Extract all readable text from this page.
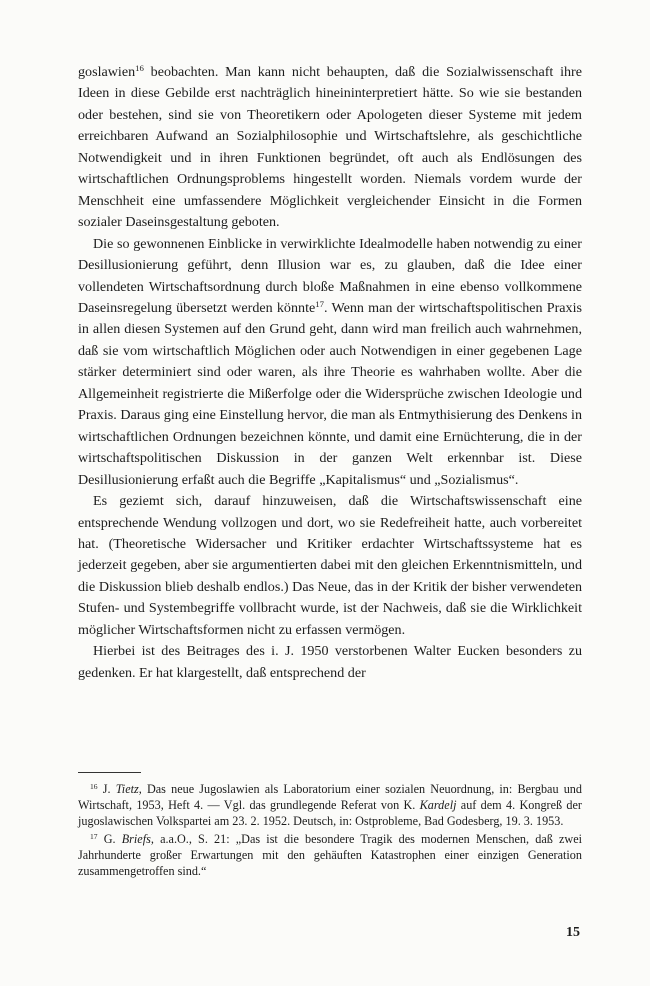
goslawien$^{16}$ beobachten. Man kann nicht behaupten, daß die Sozialwissenschaft ihre Ideen in diese Gebilde erst nachträglich hineininterpretiert hätte. So wie sie bestanden oder bestehen, sind sie von Theoretikern oder Apologeten dieser Systeme mit jedem erreichbaren Aufwand an Sozialphilosophie und Wirtschaftslehre, als geschichtliche Notwendigkeit und in ihren Funktionen begründet, oft auch als Endlösungen des wirtschaftlichen Ordnungsproblems hingestellt worden. Niemals vordem wurde der Menschheit eine umfassendere Möglichkeit vergleichender Einsicht in die Formen sozialer Daseinsgestaltung geboten.

Die so gewonnenen Einblicke in verwirklichte Idealmodelle haben notwendig zu einer Desillusionierung geführt, denn Illusion war es, zu glauben, daß die Idee einer vollendeten Wirtschaftsordnung durch bloße Maßnahmen in eine ebenso vollkommene Daseinsregelung übersetzt werden könnte$^{17}$. Wenn man der wirtschaftspolitischen Praxis in allen diesen Systemen auf den Grund geht, dann wird man freilich auch wahrnehmen, daß sie vom wirtschaftlich Möglichen oder auch Notwendigen in einer gegebenen Lage stärker determiniert sind oder waren, als ihre Theorie es wahrhaben wollte. Aber die Allgemeinheit registrierte die Mißerfolge oder die Widersprüche zwischen Ideologie und Praxis. Daraus ging eine Einstellung hervor, die man als Entmythisierung des Denkens in wirtschaftlichen Ordnungen bezeichnen könnte, und damit eine Ernüchterung, die in der wirtschaftspolitischen Diskussion in der ganzen Welt erkennbar ist. Diese Desillusionierung erfaßt auch die Begriffe „Kapitalismus“ und „Sozialismus“.

Es geziemt sich, darauf hinzuweisen, daß die Wirtschaftswissenschaft eine entsprechende Wendung vollzogen und dort, wo sie Redefreiheit hatte, auch vorbereitet hat. (Theoretische Widersacher und Kritiker erdachter Wirtschaftssysteme hat es jederzeit gegeben, aber sie argumentierten dabei mit den gleichen Erkenntnismitteln, und die Diskussion blieb deshalb endlos.) Das Neue, das in der Kritik der bisher verwendeten Stufen- und Systembegriffe vollbracht wurde, ist der Nachweis, daß sie die Wirklichkeit möglicher Wirtschaftsformen nicht zu erfassen vermögen.

Hierbei ist des Beitrages des i. J. 1950 verstorbenen Walter Eucken besonders zu gedenken. Er hat klargestellt, daß entsprechend der

$^{16}$ J. Tietz, Das neue Jugoslawien als Laboratorium einer sozialen Neuordnung, in: Bergbau und Wirtschaft, 1953, Heft 4. — Vgl. das grundlegende Referat von K. Kardelj auf dem 4. Kongreß der jugoslawischen Volkspartei am 23. 2. 1952. Deutsch, in: Ostprobleme, Bad Godesberg, 19. 3. 1953.

$^{17}$ G. Briefs, a.a.O., S. 21: „Das ist die besondere Tragik des modernen Menschen, daß zwei Jahrhunderte großer Erwartungen mit den gehäuften Katastrophen einer einzigen Generation zusammengetroffen sind.“

15
